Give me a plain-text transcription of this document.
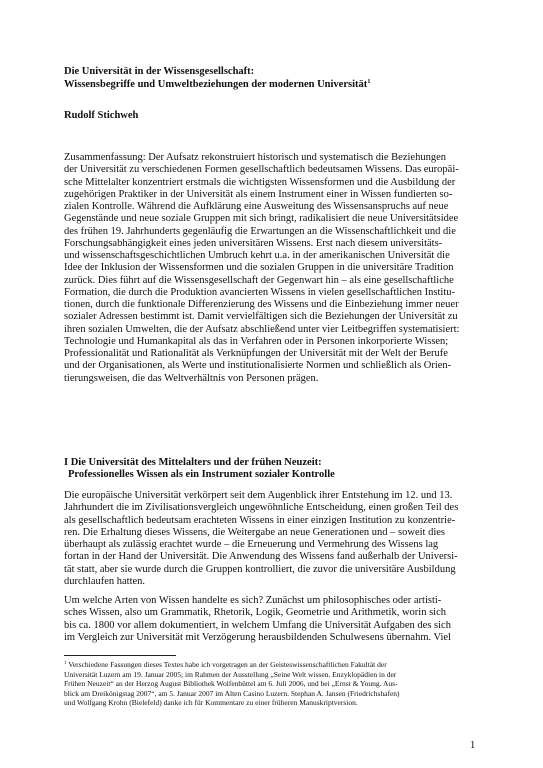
Die Universität in der Wissensgesellschaft:
Wissensbegriffe und Umweltbeziehungen der modernen Universität$^1$
Rudolf Stichweh
Zusammenfassung: Der Aufsatz rekonstruiert historisch und systematisch die Beziehungen
der Universität zu verschiedenen Formen gesellschaftlich bedeutsamen Wissens. Das europäi-
sche Mittelalter konzentriert erstmals die wichtigsten Wissensformen und die Ausbildung der
zugehörigen Praktiker in der Universität als einem Instrument einer in Wissen fundierten so-
zialen Kontrolle. Während die Aufklärung eine Ausweitung des Wissensanspruchs auf neue
Gegenstände und neue soziale Gruppen mit sich bringt, radikalisiert die neue Universitätsidee
des frühen 19. Jahrhunderts gegenläufig die Erwartungen an die Wissenschaftlichkeit und die
Forschungsabhängigkeit eines jeden universitären Wissens. Erst nach diesem universitäts-
und wissenschaftsgeschichtlichen Umbruch kehrt u.a. in der amerikanischen Universität die
Idee der Inklusion der Wissensformen und die sozialen Gruppen in die universitäre Tradition
zurück. Dies führt auf die Wissensgesellschaft der Gegenwart hin – als eine gesellschaftliche
Formation, die durch die Produktion avancierten Wissens in vielen gesellschaftlichen Institu-
tionen, durch die funktionale Differenzierung des Wissens und die Einbeziehung immer neuer
sozialer Adressen bestimmt ist. Damit vervielfältigen sich die Beziehungen der Universität zu
ihren sozialen Umwelten, die der Aufsatz abschließend unter vier Leitbegriffen systematisiert:
Technologie und Humankapital als das in Verfahren oder in Personen inkorporierte Wissen;
Professionalität und Rationalität als Verknüpfungen der Universität mit der Welt der Berufe
und der Organisationen, als Werte und institutionalisierte Normen und schließlich als Orien-
tierungsweisen, die das Weltverhältnis von Personen prägen.
I Die Universität des Mittelalters und der frühen Neuzeit:
Professionelles Wissen als ein Instrument sozialer Kontrolle
Die europäische Universität verkörpert seit dem Augenblick ihrer Entstehung im 12. und 13.
Jahrhundert die im Zivilisationsvergleich ungewöhnliche Entscheidung, einen großen Teil des
als gesellschaftlich bedeutsam erachteten Wissens in einer einzigen Institution zu konzentrie-
ren. Die Erhaltung dieses Wissens, die Weitergabe an neue Generationen und – soweit dies
überhaupt als zulässig erachtet wurde – die Erneuerung und Vermehrung des Wissens lag
fortan in der Hand der Universität. Die Anwendung des Wissens fand außerhalb der Universi-
tät statt, aber sie wurde durch die Gruppen kontrolliert, die zuvor die universitäre Ausbildung
durchlaufen hatten.
Um welche Arten von Wissen handelte es sich? Zunächst um philosophisches oder artisti-
sches Wissen, also um Grammatik, Rhetorik, Logik, Geometrie und Arithmetik, worin sich
bis ca. 1800 vor allem dokumentiert, in welchem Umfang die Universität Aufgaben des sich
im Vergleich zur Universität mit Verzögerung herausbildenden Schulwesens übernahm. Viel
$^1$ Verschiedene Fassungen dieses Textes habe ich vorgetragen an der Geisteswissenschaftlichen Fakultät der
Universität Luzern am 19. Januar 2005; im Rahmen der Ausstellung „Seine Welt wissen. Enzyklopädien in der
Frühen Neuzeit“ an der Herzog August Bibliothek Wolfenbüttel am 6. Juli 2006, und bei „Ernst & Young. Aus-
blick am Dreikönigstag 2007“, am 5. Januar 2007 im Alten Casino Luzern. Stephan A. Jansen (Friedrichshafen)
und Wolfgang Krohn (Bielefeld) danke ich für Kommentare zu einer früheren Manuskriptversion.
1
